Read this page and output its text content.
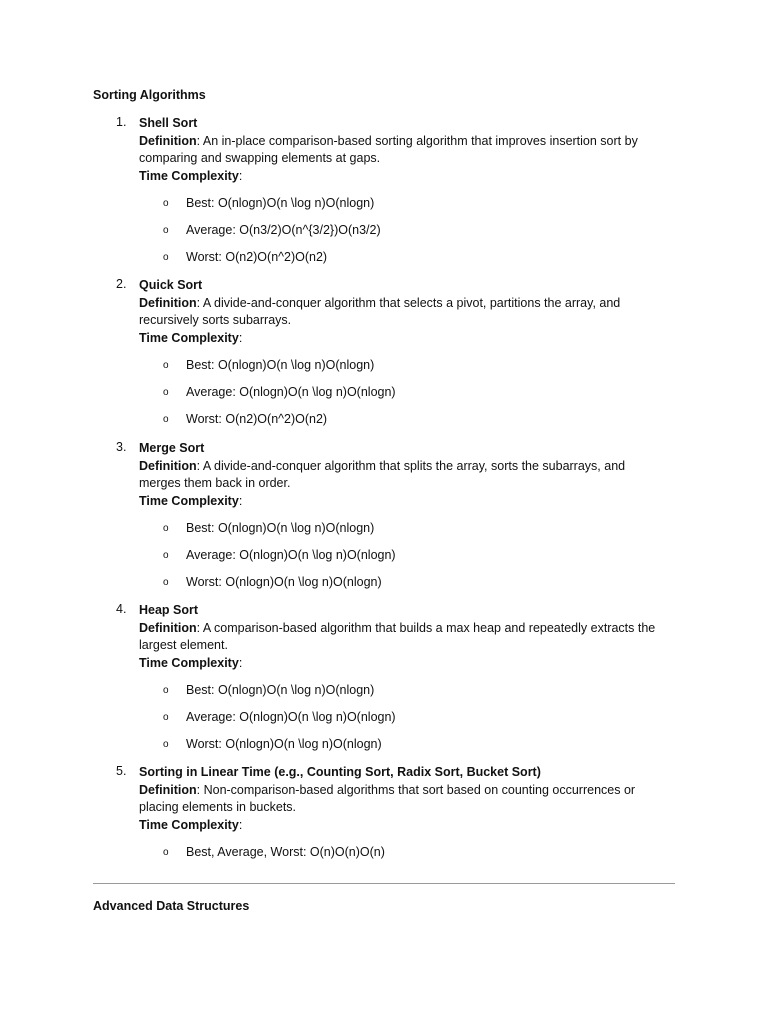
Sorting Algorithms
1.	Shell Sort
Definition: An in-place comparison-based sorting algorithm that improves insertion sort by comparing and swapping elements at gaps.
Time Complexity:
o Best: O(nlog⁡n)O(n \log n)O(nlogn)
o Average: O(n3/2)O(n^{3/2})O(n3/2)
o Worst: O(n2)O(n^2)O(n2)
2.	Quick Sort
Definition: A divide-and-conquer algorithm that selects a pivot, partitions the array, and recursively sorts subarrays.
Time Complexity:
o Best: O(nlog⁡n)O(n \log n)O(nlogn)
o Average: O(nlog⁡n)O(n \log n)O(nlogn)
o Worst: O(n2)O(n^2)O(n2)
3.	Merge Sort
Definition: A divide-and-conquer algorithm that splits the array, sorts the subarrays, and merges them back in order.
Time Complexity:
o Best: O(nlog⁡n)O(n \log n)O(nlogn)
o Average: O(nlog⁡n)O(n \log n)O(nlogn)
o Worst: O(nlog⁡n)O(n \log n)O(nlogn)
4.	Heap Sort
Definition: A comparison-based algorithm that builds a max heap and repeatedly extracts the largest element.
Time Complexity:
o Best: O(nlog⁡n)O(n \log n)O(nlogn)
o Average: O(nlog⁡n)O(n \log n)O(nlogn)
o Worst: O(nlog⁡n)O(n \log n)O(nlogn)
5.	Sorting in Linear Time (e.g., Counting Sort, Radix Sort, Bucket Sort)
Definition: Non-comparison-based algorithms that sort based on counting occurrences or placing elements in buckets.
Time Complexity:
o Best, Average, Worst: O(n)O(n)O(n)
Advanced Data Structures
